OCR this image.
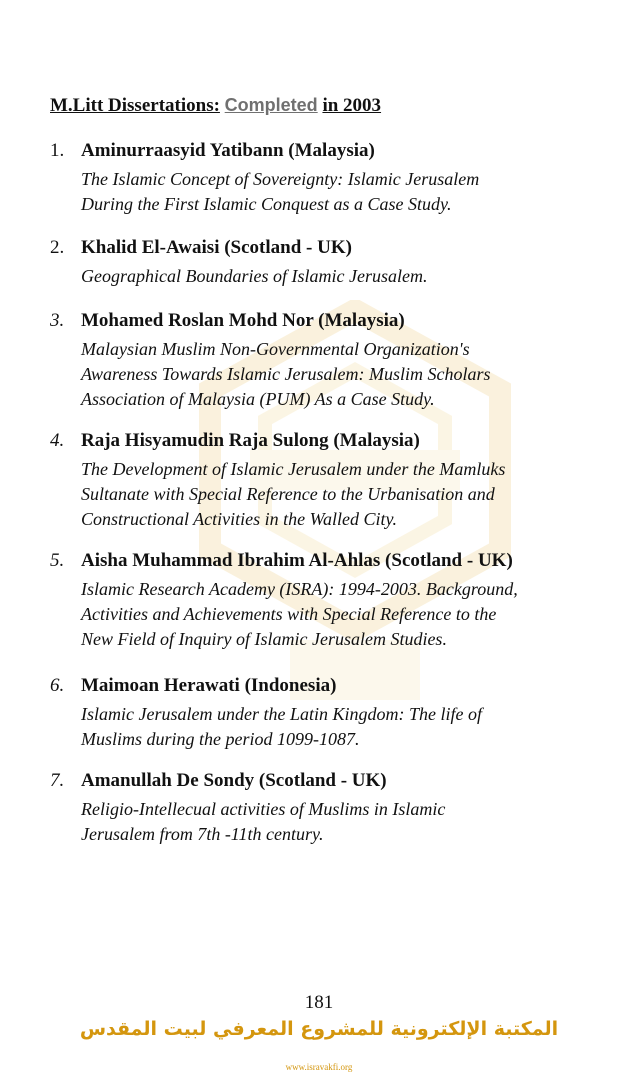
M.Litt Dissertations: Completed in 2003
1. Aminurraasyid Yatibann (Malaysia)
The Islamic Concept of Sovereignty: Islamic Jerusalem
During the First Islamic Conquest as a Case Study.
2. Khalid El-Awaisi (Scotland - UK)
Geographical Boundaries of Islamic Jerusalem.
3. Mohamed Roslan Mohd Nor (Malaysia)
Malaysian Muslim Non-Governmental Organization's
Awareness Towards Islamic Jerusalem: Muslim Scholars
Association of Malaysia (PUM) As a Case Study.
4. Raja Hisyamudin Raja Sulong (Malaysia)
The Development of Islamic Jerusalem under the Mamluks
Sultanate with Special Reference to the Urbanisation and
Constructional Activities in the Walled City.
5. Aisha Muhammad Ibrahim Al-Ahlas (Scotland - UK)
Islamic Research Academy (ISRA): 1994-2003. Background,
Activities and Achievements with Special Reference to the
New Field of Inquiry of Islamic Jerusalem Studies.
6. Maimoan Herawati (Indonesia)
Islamic Jerusalem under the Latin Kingdom: The life of
Muslims during the period 1099-1087.
7. Amanullah De Sondy (Scotland - UK)
Religio-Intellecual activities of Muslims in Islamic
Jerusalem from 7th -11th century.
181
المكتبة الإلكترونية للمشروع المعرفي لبيت المقدس
www.isravakfi.org
